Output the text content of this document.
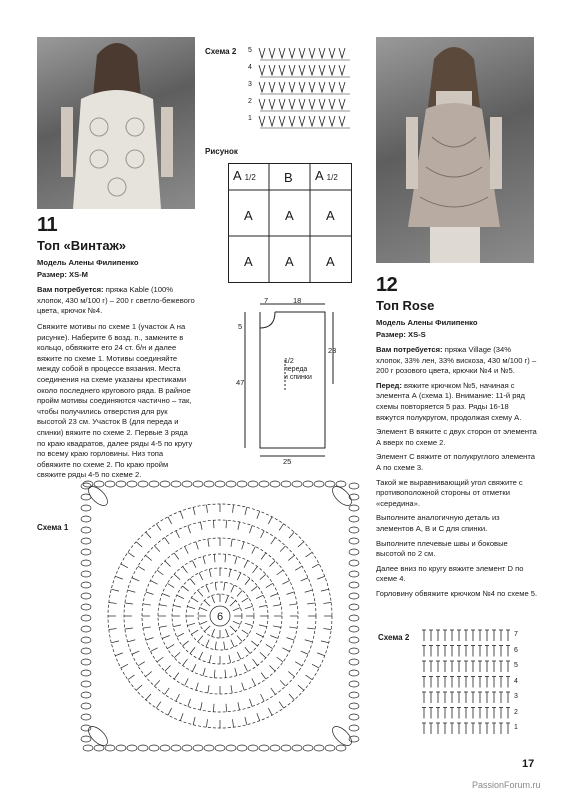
11
Топ «Винтаж»
Модель Алены Филипенко
Размер: XS-M
Вам потребуется: пряжа Kable (100% хлопок, 430 м/100 г) – 200 г светло-бежевого цвета, крючок №4.
Свяжите мотивы по схеме 1 (участок А на рисунке). Наберите 6 возд. п., замкните в кольцо, обвяжите его 24 ст. б/н и далее вяжите по схеме 1. Мотивы соединяйте между собой в процессе вязания. Места соединения на схеме указаны крестиками около последнего кругового ряда. В райное пройм мотивы соединяются частично – так, чтобы получились отверстия для рук высотой 23 см. Участок В (для переда и спинки) вяжите по схеме 2. Первые 3 ряда по краю квадратов, далее ряды 4-5 по кругу по всему краю горловины. Низ топа обвяжите по схеме 2. По краю пройм свяжите ряды 4-5 по схеме 2.
Схема 2 5
4
3
2
1
Рисунок
A 1/2 B A 1/2
A A A
A A A
7	18
5
23
47
25
1/2
переда
и спинки
Схема 1
6
12
Топ Rose
Модель Алены Филипенко
Размер: XS-S

Вам потребуется: пряжа Village (34% хлопок, 33% лен, 33% вискоза, 430 м/100 г) – 200 г розового цвета, крючки №4 и №5.

Перед: вяжите крючком №5, начиная с элемента А (схема 1). Внимание: 11-й ряд схемы повторяется 5 раз. Ряды 16-18 вяжутся полукругом, продолжая схему А.

Элемент В вяжите с двух сторон от элемента А вверх по схеме 2.

Элемент С вяжите от полукруглого элемента А по схеме 3.

Такой же выравнивающий угол свяжите с противоположной стороны от отметки «середина».

Выполните аналогичную деталь из элементов А, В и С для спинки.

Выполните плечевые швы и боковые высотой по 2 см.

Далее вниз по кругу вяжите элемент D по схеме 4.

Горловину обвяжите крючком №4 по схеме 5.

Схема 2	7
6
5
4
3
2
1
17
PassionForum.ru
